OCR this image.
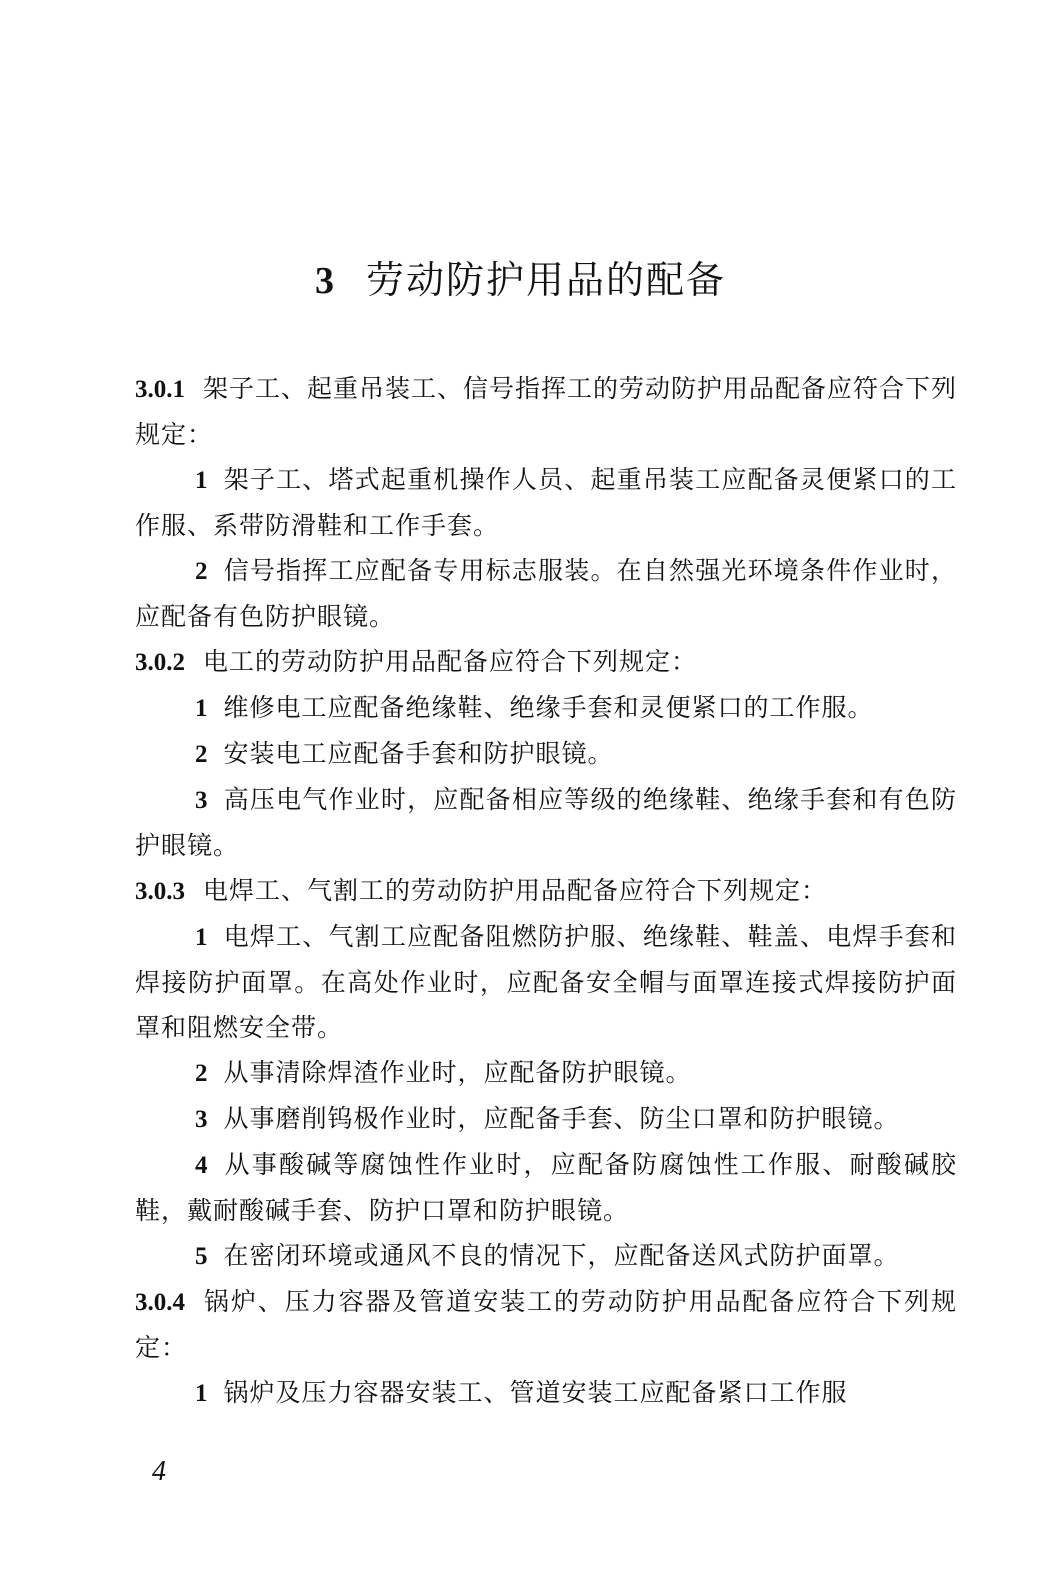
3 劳动防护用品的配备
3.0.1 架子工、起重吊装工、信号指挥工的劳动防护用品配备应符合下列规定：
1 架子工、塔式起重机操作人员、起重吊装工应配备灵便紧口的工作服、系带防滑鞋和工作手套。
2 信号指挥工应配备专用标志服装。在自然强光环境条件作业时，应配备有色防护眼镜。
3.0.2 电工的劳动防护用品配备应符合下列规定：
1 维修电工应配备绝缘鞋、绝缘手套和灵便紧口的工作服。
2 安装电工应配备手套和防护眼镜。
3 高压电气作业时，应配备相应等级的绝缘鞋、绝缘手套和有色防护眼镜。
3.0.3 电焊工、气割工的劳动防护用品配备应符合下列规定：
1 电焊工、气割工应配备阻燃防护服、绝缘鞋、鞋盖、电焊手套和焊接防护面罩。在高处作业时，应配备安全帽与面罩连接式焊接防护面罩和阻燃安全带。
2 从事清除焊渣作业时，应配备防护眼镜。
3 从事磨削钨极作业时，应配备手套、防尘口罩和防护眼镜。
4 从事酸碱等腐蚀性作业时，应配备防腐蚀性工作服、耐酸碱胶鞋，戴耐酸碱手套、防护口罩和防护眼镜。
5 在密闭环境或通风不良的情况下，应配备送风式防护面罩。
3.0.4 锅炉、压力容器及管道安装工的劳动防护用品配备应符合下列规定：
1 锅炉及压力容器安装工、管道安装工应配备紧口工作服
4
